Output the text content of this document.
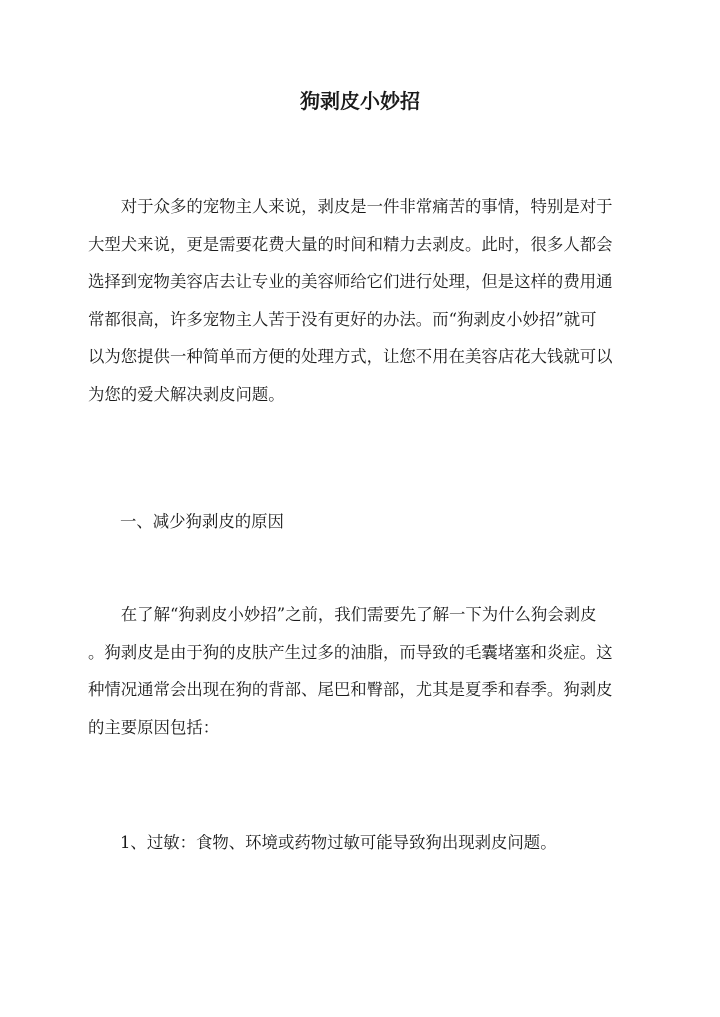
狗剥皮小妙招
对于众多的宠物主人来说，剥皮是一件非常痛苦的事情，特别是对于
大型犬来说，更是需要花费大量的时间和精力去剥皮。此时，很多人都会
选择到宠物美容店去让专业的美容师给它们进行处理，但是这样的费用通
常都很高，许多宠物主人苦于没有更好的办法。而“狗剥皮小妙招”就可
以为您提供一种简单而方便的处理方式，让您不用在美容店花大钱就可以
为您的爱犬解决剥皮问题。

一、减少狗剥皮的原因

在了解“狗剥皮小妙招”之前，我们需要先了解一下为什么狗会剥皮
。狗剥皮是由于狗的皮肤产生过多的油脂，而导致的毛囊堵塞和炎症。这
种情况通常会出现在狗的背部、尾巴和臀部，尤其是夏季和春季。狗剥皮
的主要原因包括：

1、过敏：食物、环境或药物过敏可能导致狗出现剥皮问题。
